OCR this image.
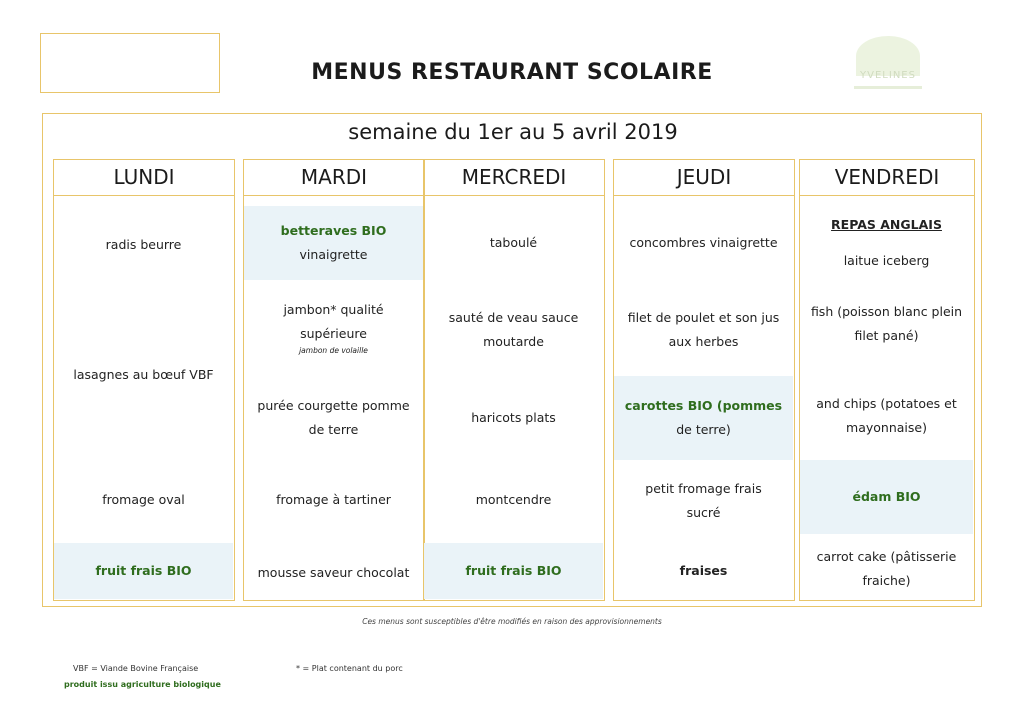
MENUS RESTAURANT SCOLAIRE	YVELINES
semaine du 1er au 5 avril 2019
LUNDI
radis beurre
lasagnes au bœuf VBF
fromage oval
fruit frais BIO
MARDI
betteraves BIO
vinaigrette
jambon* qualité
supérieure
jambon de volaille
purée courgette pomme
de terre
fromage à tartiner
mousse saveur chocolat
MERCREDI
taboulé
sauté de veau sauce
moutarde
haricots plats
montcendre
fruit frais BIO
JEUDI
concombres vinaigrette
filet de poulet et son jus
aux herbes
carottes BIO (pommes
de terre)
petit fromage frais
sucré
fraises
VENDREDI
REPAS ANGLAIS
laitue iceberg
fish (poisson blanc plein
filet pané)
and chips (potatoes et
mayonnaise)
édam BIO
carrot cake (pâtisserie
fraiche)
Ces menus sont susceptibles d'être modifiés en raison des approvisionnements
VBF = Viande Bovine Française
produit issu agriculture biologique
* = Plat contenant du porc
